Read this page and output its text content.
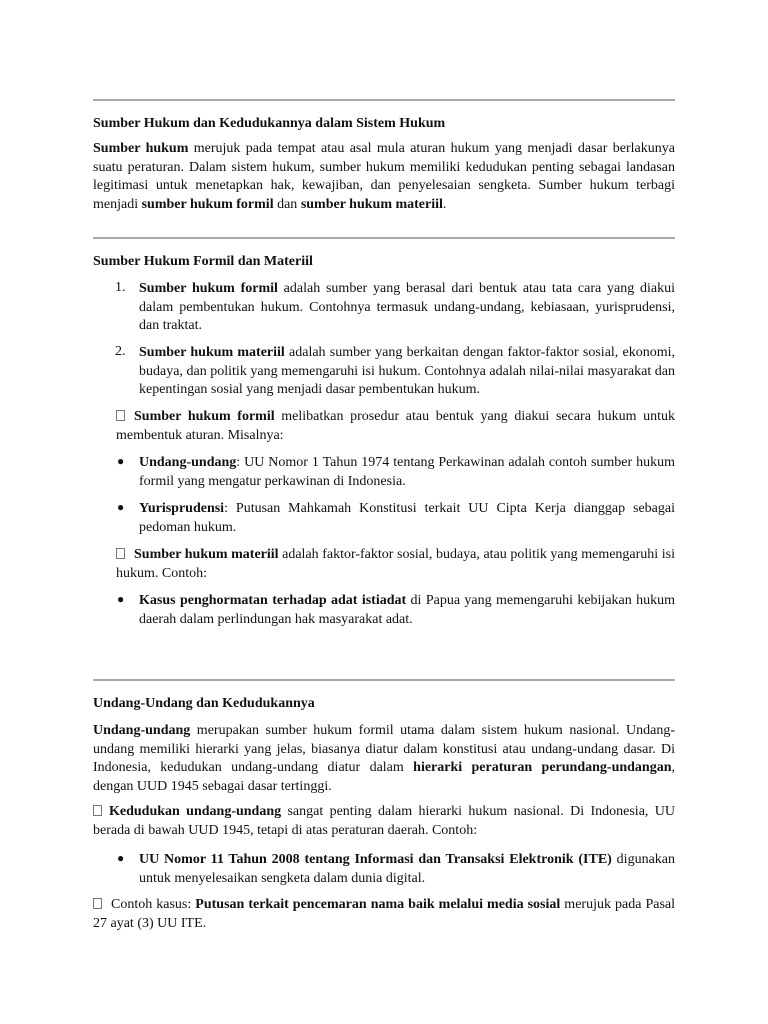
Sumber Hukum dan Kedudukannya dalam Sistem Hukum

Sumber hukum merujuk pada tempat atau asal mula aturan hukum yang menjadi dasar berlakunya suatu peraturan. Dalam sistem hukum, sumber hukum memiliki kedudukan penting sebagai landasan legitimasi untuk menetapkan hak, kewajiban, dan penyelesaian sengketa. Sumber hukum terbagi menjadi sumber hukum formil dan sumber hukum materiil.

Sumber Hukum Formil dan Materiil
1. Sumber hukum formil adalah sumber yang berasal dari bentuk atau tata cara yang diakui dalam pembentukan hukum. Contohnya termasuk undang-undang, kebiasaan, yurisprudensi, dan traktat.

2. Sumber hukum materiil adalah sumber yang berkaitan dengan faktor-faktor sosial, ekonomi, budaya, dan politik yang memengaruhi isi hukum. Contohnya adalah nilai-nilai masyarakat dan kepentingan sosial yang menjadi dasar pembentukan hukum.

Sumber hukum formil melibatkan prosedur atau bentuk yang diakui secara hukum untuk membentuk aturan. Misalnya:

● Undang-undang: UU Nomor 1 Tahun 1974 tentang Perkawinan adalah contoh sumber hukum formil yang mengatur perkawinan di Indonesia.

● Yurisprudensi: Putusan Mahkamah Konstitusi terkait UU Cipta Kerja dianggap sebagai pedoman hukum.

Sumber hukum materiil adalah faktor-faktor sosial, budaya, atau politik yang memengaruhi isi hukum. Contoh:

● Kasus penghormatan terhadap adat istiadat di Papua yang memengaruhi kebijakan hukum daerah dalam perlindungan hak masyarakat adat.

Undang-Undang dan Kedudukannya

Undang-undang merupakan sumber hukum formil utama dalam sistem hukum nasional. Undang-undang memiliki hierarki yang jelas, biasanya diatur dalam konstitusi atau undang-undang dasar. Di Indonesia, kedudukan undang-undang diatur dalam hierarki peraturan perundang-undangan, dengan UUD 1945 sebagai dasar tertinggi.

Kedudukan undang-undang sangat penting dalam hierarki hukum nasional. Di Indonesia, UU berada di bawah UUD 1945, tetapi di atas peraturan daerah. Contoh:

● UU Nomor 11 Tahun 2008 tentang Informasi dan Transaksi Elektronik (ITE) digunakan untuk menyelesaikan sengketa dalam dunia digital.

Contoh kasus: Putusan terkait pencemaran nama baik melalui media sosial merujuk pada Pasal 27 ayat (3) UU ITE.
